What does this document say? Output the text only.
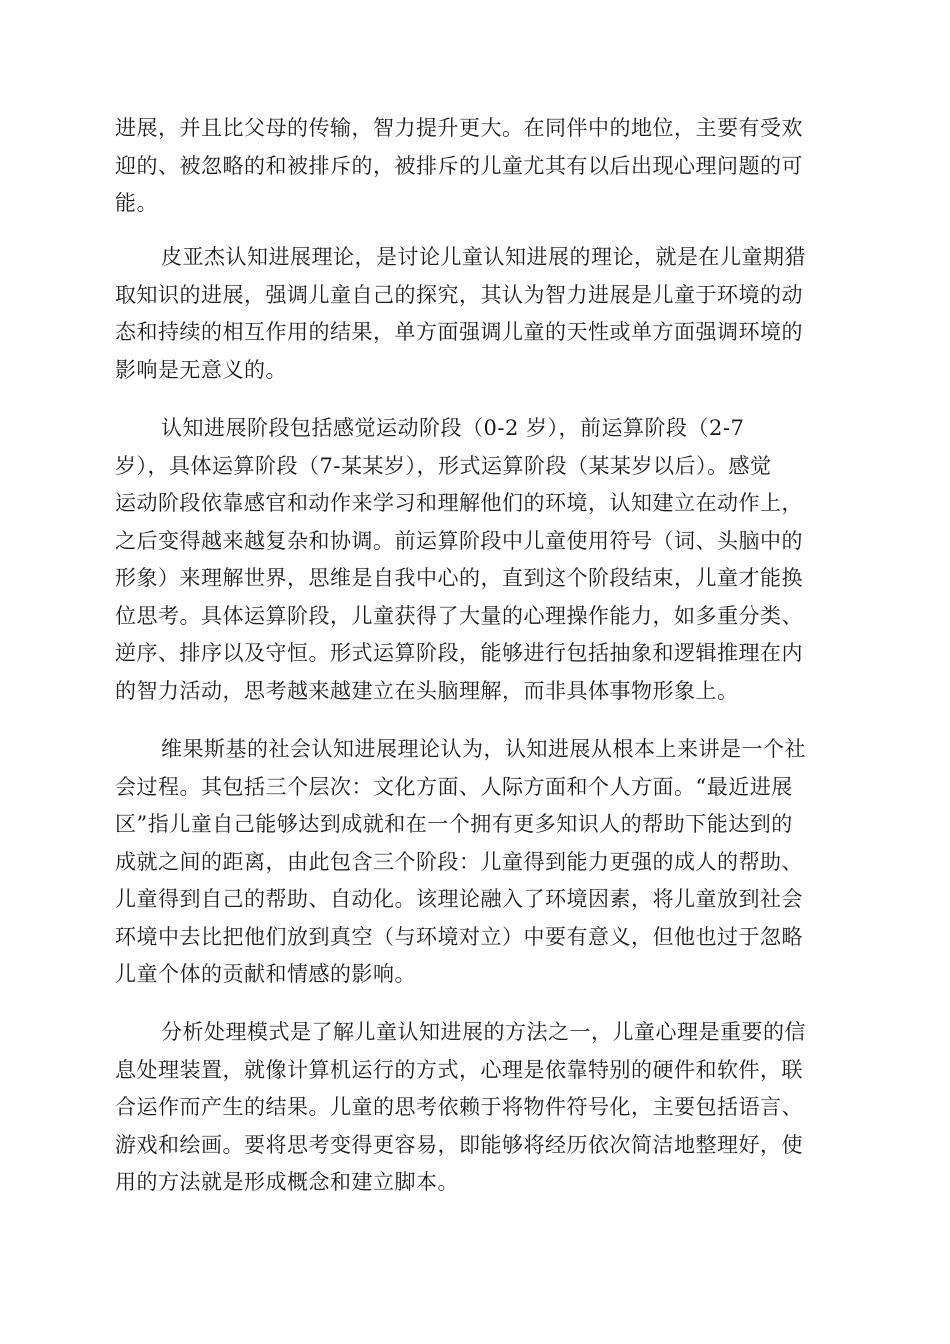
进展，并且比父母的传输，智力提升更大。在同伴中的地位，主要有受欢
迎的、被忽略的和被排斥的，被排斥的儿童尤其有以后出现心理问题的可
能。
皮亚杰认知进展理论，是讨论儿童认知进展的理论，就是在儿童期猎
取知识的进展，强调儿童自己的探究，其认为智力进展是儿童于环境的动
态和持续的相互作用的结果，单方面强调儿童的天性或单方面强调环境的
影响是无意义的。
认知进展阶段包括感觉运动阶段（0-2 岁），前运算阶段（2-7
岁），具体运算阶段（7-某某岁），形式运算阶段（某某岁以后）。感觉
运动阶段依靠感官和动作来学习和理解他们的环境，认知建立在动作上，
之后变得越来越复杂和协调。前运算阶段中儿童使用符号（词、头脑中的
形象）来理解世界，思维是自我中心的，直到这个阶段结束，儿童才能换
位思考。具体运算阶段，儿童获得了大量的心理操作能力，如多重分类、
逆序、排序以及守恒。形式运算阶段，能够进行包括抽象和逻辑推理在内
的智力活动，思考越来越建立在头脑理解，而非具体事物形象上。
维果斯基的社会认知进展理论认为，认知进展从根本上来讲是一个社
会过程。其包括三个层次：文化方面、人际方面和个人方面。“最近进展
区”指儿童自己能够达到成就和在一个拥有更多知识人的帮助下能达到的
成就之间的距离，由此包含三个阶段：儿童得到能力更强的成人的帮助、
儿童得到自己的帮助、自动化。该理论融入了环境因素，将儿童放到社会
环境中去比把他们放到真空（与环境对立）中要有意义，但他也过于忽略
儿童个体的贡献和情感的影响。
分析处理模式是了解儿童认知进展的方法之一，儿童心理是重要的信
息处理装置，就像计算机运行的方式，心理是依靠特别的硬件和软件，联
合运作而产生的结果。儿童的思考依赖于将物件符号化，主要包括语言、
游戏和绘画。要将思考变得更容易，即能够将经历依次简洁地整理好，使
用的方法就是形成概念和建立脚本。
